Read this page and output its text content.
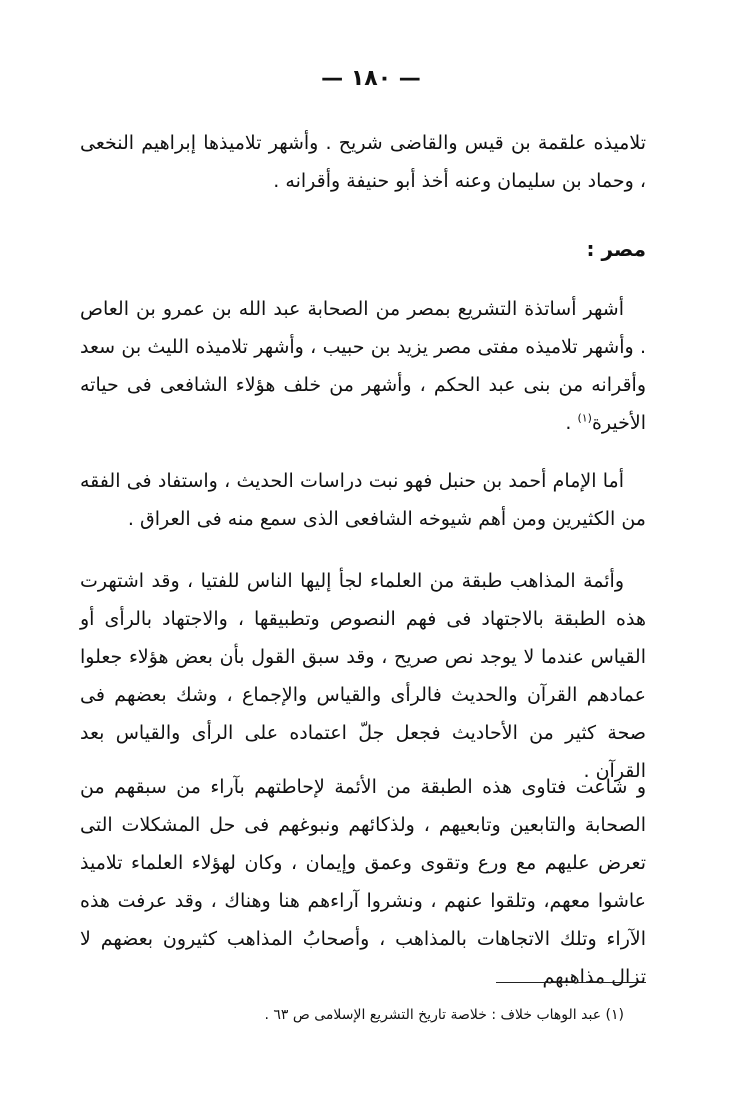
— ١٨٠ —
تلاميذه علقمة بن قيس والقاضى شريح . وأشهر تلاميذها إبراهيم النخعى ، وحماد بن سليمان وعنه أخذ أبو حنيفة وأقرانه .
مصر :
أشهر أساتذة التشريع بمصر من الصحابة عبد الله بن عمرو بن العاص . وأشهر تلاميذه مفتى مصر يزيد بن حبيب ، وأشهر تلاميذه الليث بن سعد وأقرانه من بنى عبد الحكم ، وأشهر من خلف هؤلاء الشافعى فى حياته الأخيرة$^{(١)}$ .
أما الإمام أحمد بن حنبل فهو نبت دراسات الحديث ، واستفاد فى الفقه من الكثيرين ومن أهم شيوخه الشافعى الذى سمع منه فى العراق .
وأئمة المذاهب طبقة من العلماء لجأ إليها الناس للفتيا ، وقد اشتهرت هذه الطبقة بالاجتهاد فى فهم النصوص وتطبيقها ، والاجتهاد بالرأى أو القياس عندما لا يوجد نص صريح ، وقد سبق القول بأن بعض هؤلاء جعلوا عمادهم القرآن والحديث فالرأى والقياس والإجماع ، وشك بعضهم فى صحة كثير من الأحاديث فجعل جلّ اعتماده على الرأى والقياس بعد القرآن .
و شاعت فتاوى هذه الطبقة من الأئمة لإحاطتهم بآراء من سبقهم من الصحابة والتابعين وتابعيهم ، ولذكائهم ونبوغهم فى حل المشكلات التى تعرض عليهم مع ورع وتقوى وعمق وإيمان ، وكان لهؤلاء العلماء تلاميذ عاشوا معهم، وتلقوا عنهم ، ونشروا آراءهم هنا وهناك ، وقد عرفت هذه الآراء وتلك الاتجاهات بالمذاهب ، وأصحابُ المذاهب كثيرون بعضهم لا تزال مذاهبهم
(١) عبد الوهاب خلاف : خلاصة تاريخ التشريع الإسلامى ص ٦٣ .
